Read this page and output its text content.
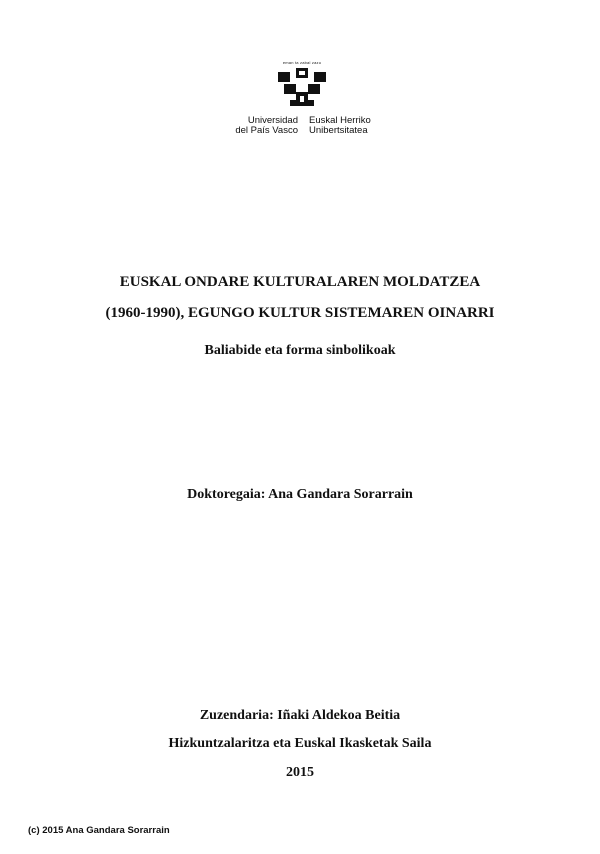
eman ta zabal zazu
Universidad
del País Vasco
Euskal Herriko
Unibertsitatea
EUSKAL ONDARE KULTURALAREN MOLDATZEA
(1960-1990), EGUNGO KULTUR SISTEMAREN OINARRI
Baliabide eta forma sinbolikoak
Doktoregaia: Ana Gandara Sorarrain
Zuzendaria: Iñaki Aldekoa Beitia
Hizkuntzalaritza eta Euskal Ikasketak Saila
2015
(c) 2015 Ana Gandara Sorarrain
